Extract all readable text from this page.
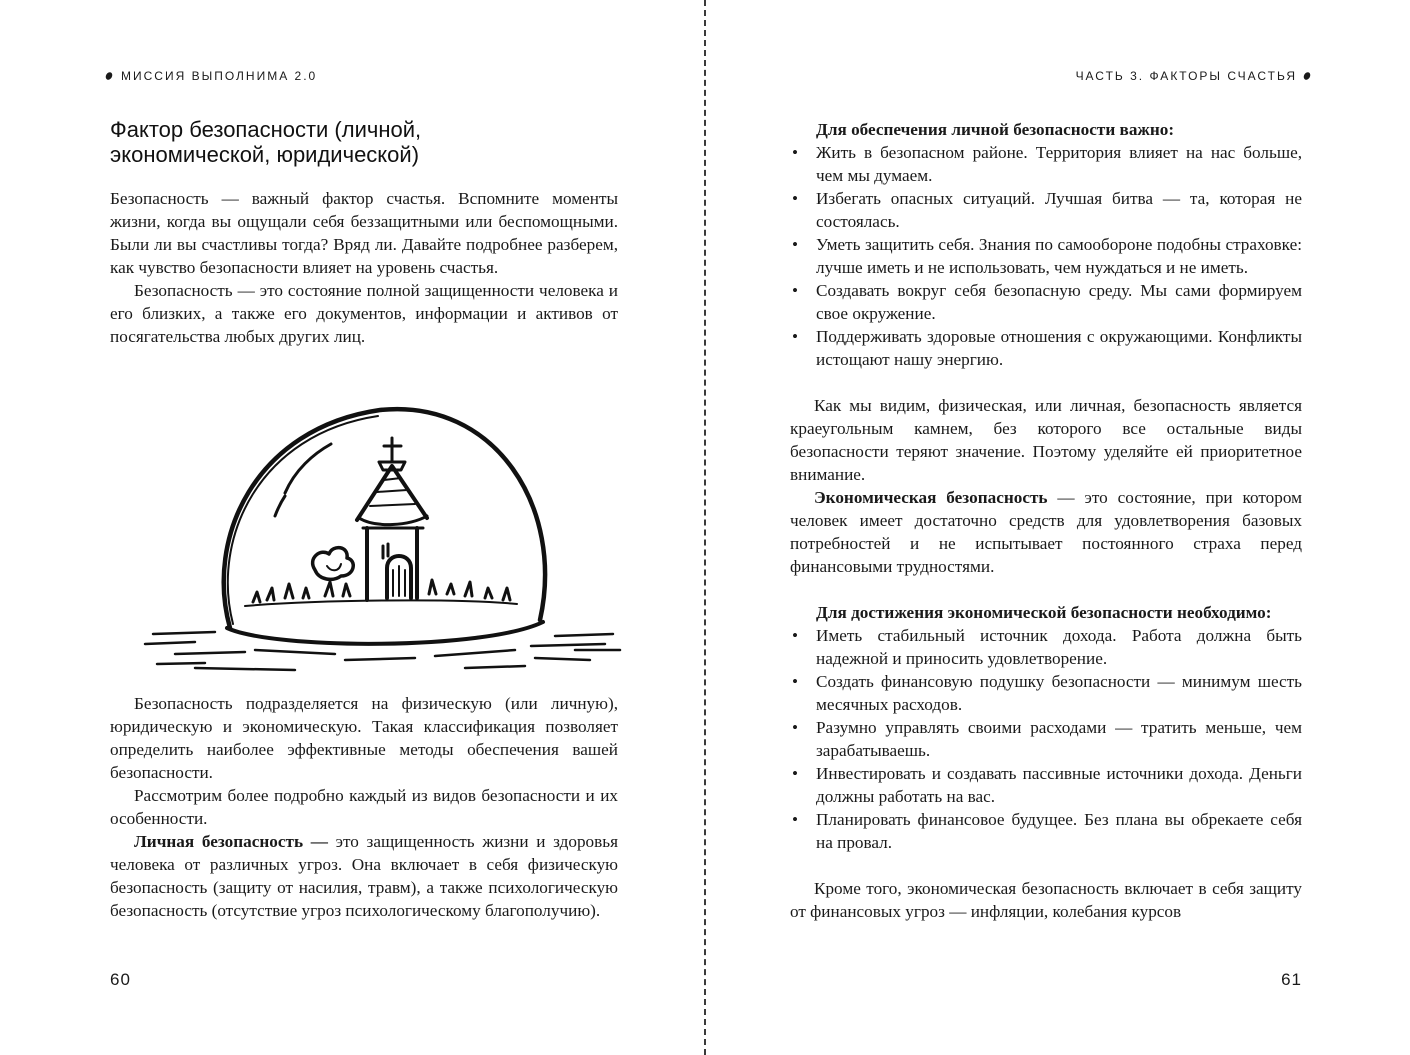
МИССИЯ ВЫПОЛНИМА 2.0
Фактор безопасности (личной,
экономической, юридической)

Безопасность — важный фактор счастья. Вспомните моменты жизни, когда вы ощущали себя беззащитными или беспомощными. Были ли вы счастливы тогда? Вряд ли. Давайте подробнее разберем, как чувство безопасности влияет на уровень счастья.

Безопасность — это состояние полной защищенности человека и его близких, а также его документов, информации и активов от посягательства любых других лиц.

Безопасность подразделяется на физическую (или личную), юридическую и экономическую. Такая классификация позволяет определить наиболее эффективные методы обеспечения вашей безопасности.

Рассмотрим более подробно каждый из видов безопасности и их особенности.

Личная безопасность — это защищенность жизни и здоровья человека от различных угроз. Она включает в себя физическую безопасность (защиту от насилия, травм), а также психологическую безопасность (отсутствие угроз психологическому благополучию).

60
ЧАСТЬ 3. ФАКТОРЫ СЧАСТЬЯ

Для обеспечения личной безопасности важно:

• Жить в безопасном районе. Территория влияет на нас больше, чем мы думаем.
• Избегать опасных ситуаций. Лучшая битва — та, которая не состоялась.
• Уметь защитить себя. Знания по самообороне подобны страховке: лучше иметь и не использовать, чем нуждаться и не иметь.
• Создавать вокруг себя безопасную среду. Мы сами формируем свое окружение.
• Поддерживать здоровые отношения с окружающими. Конфликты истощают нашу энергию.

Как мы видим, физическая, или личная, безопасность является краеугольным камнем, без которого все остальные виды безопасности теряют значение. Поэтому уделяйте ей приоритетное внимание.

Экономическая безопасность — это состояние, при котором человек имеет достаточно средств для удовлетворения базовых потребностей и не испытывает постоянного страха перед финансовыми трудностями.

Для достижения экономической безопасности необходимо:

• Иметь стабильный источник дохода. Работа должна быть надежной и приносить удовлетворение.
• Создать финансовую подушку безопасности — минимум шесть месячных расходов.
• Разумно управлять своими расходами — тратить меньше, чем зарабатываешь.
• Инвестировать и создавать пассивные источники дохода. Деньги должны работать на вас.
• Планировать финансовое будущее. Без плана вы обрекаете себя на провал.

Кроме того, экономическая безопасность включает в себя защиту от финансовых угроз — инфляции, колебания курсов

61
